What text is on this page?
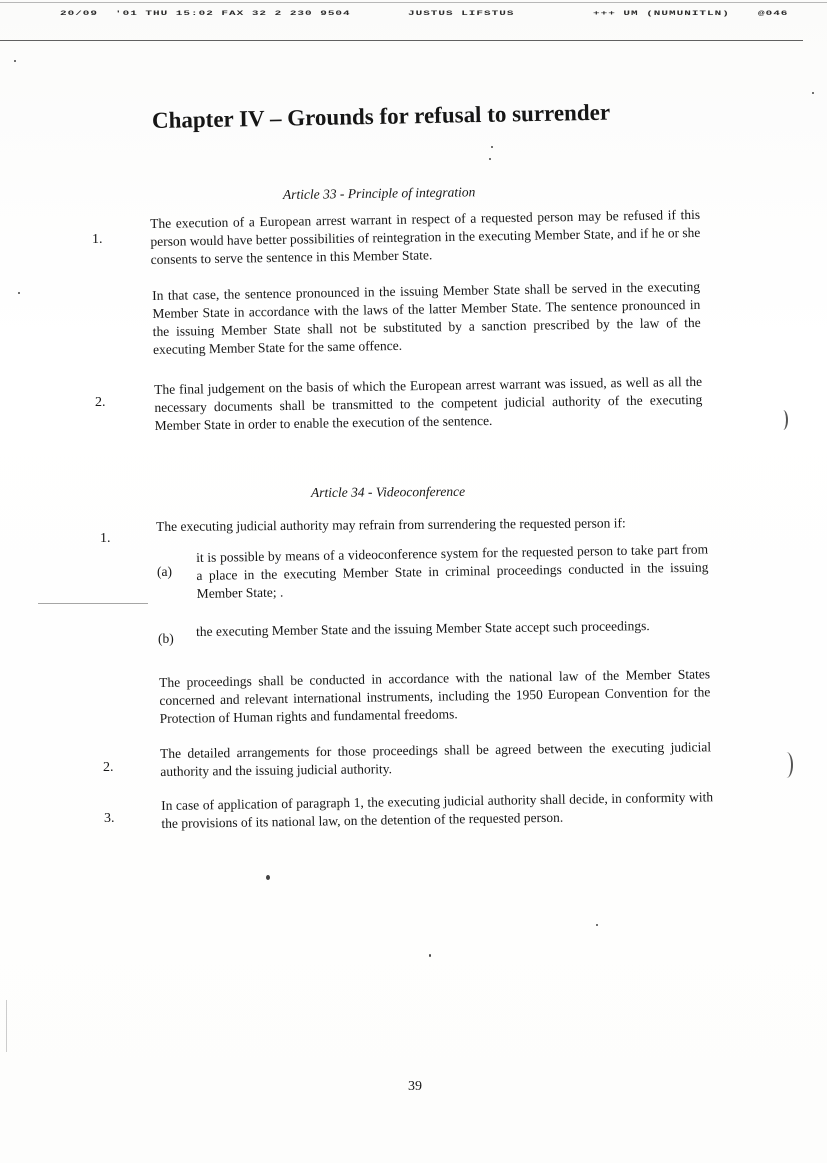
20/09 '01 THU 15:02 FAX 32 2 230 9504	JUSTUS LIFSTUS	+++ UM (NUMUNITLN)	@046
Chapter IV – Grounds for refusal to surrender
Article 33 - Principle of integration
1.

The execution of a European arrest warrant in respect of a requested person may be refused if this person would have better possibilities of reintegration in the executing Member State, and if he or she consents to serve the sentence in this Member State.

In that case, the sentence pronounced in the issuing Member State shall be served in the executing Member State in accordance with the laws of the latter Member State. The sentence pronounced in the issuing Member State shall not be substituted by a sanction prescribed by the law of the executing Member State for the same offence.

2.

The final judgement on the basis of which the European arrest warrant was issued, as well as all the necessary documents shall be transmitted to the competent judicial authority of the executing Member State in order to enable the execution of the sentence.

Article 34 - Videoconference
1.

The executing judicial authority may refrain from surrendering the requested person if:

(a)

it is possible by means of a videoconference system for the requested person to take part from a place in the executing Member State in criminal proceedings conducted in the issuing Member State; .

(b) the executing Member State and the issuing Member State accept such proceedings.

The proceedings shall be conducted in accordance with the national law of the Member States concerned and relevant international instruments, including the 1950 European Convention for the Protection of Human rights and fundamental freedoms.

2.

The detailed arrangements for those proceedings shall be agreed between the executing judicial authority and the issuing judicial authority.

3.

In case of application of paragraph 1, the executing judicial authority shall decide, in conformity with the provisions of its national law, on the detention of the requested person.

39
